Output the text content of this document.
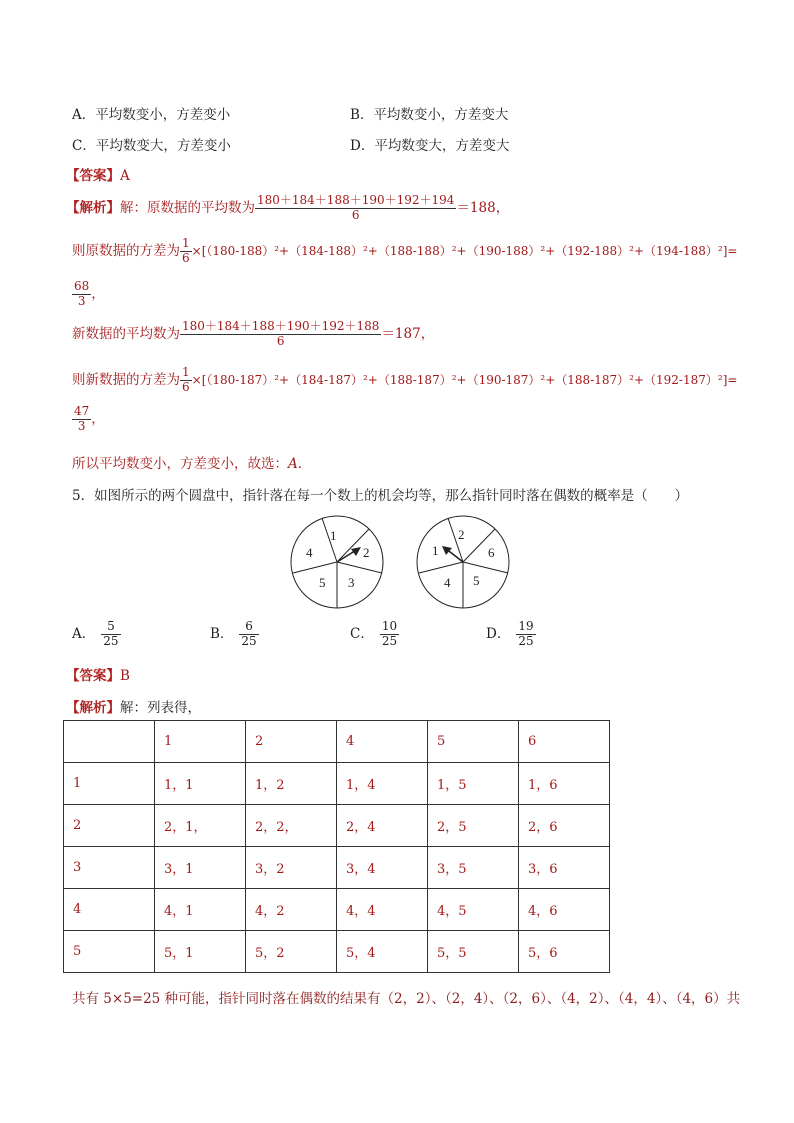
A．平均数变小，方差变小	B．平均数变小，方差变大
C．平均数变大，方差变小	D．平均数变大，方差变大
【答案】A
【解析】解：原数据的平均数为 $\frac{180+184+188+190+192+194}{6} =188$，
则原数据的方差为 $\frac{1}{6} \times[(180-188)^2+(184-188)^2+(188-188)^2+(190-188)^2+(192-188)^2+(194-188)^2]=$
$\frac{68}{3}$ ，
新数据的平均数为 $\frac{180+184+188+190+192+188}{6} =187$，
则新数据的方差为 $\frac{1}{6} \times[(180-187)^2+(184-187)^2+(188-187)^2+(190-187)^2+(188-187)^2+(192-187)^2]=$
$\frac{47}{3}$ ，
所以平均数变小，方差变小，故选：A.
5．如图所示的两个圆盘中，指针落在每一个数上的机会均等，那么指针同时落在偶数的概率是（　　）
1
2
3
5
4
2
6
5
4
1
A． $\frac{5}{25}$	B． $\frac{6}{25}$	C． $\frac{10}{25}$	D． $\frac{19}{25}$
【答案】B
【解析】解：列表得，
	1	2	4	5	6
1	1，1	1，2	1，4	1，5	1，6
2	2，1，	2，2，	2，4	2，5	2，6
3	3，1	3，2	3，4	3，5	3，6
4	4，1	4，2	4，4	4，5	4，6
5	5，1	5，2	5，4	5，5	5，6
共有 5×5=25 种可能，指针同时落在偶数的结果有（2，2）、（2，4）、（2，6）、（4，2）、（4，4）、（4，6）共
